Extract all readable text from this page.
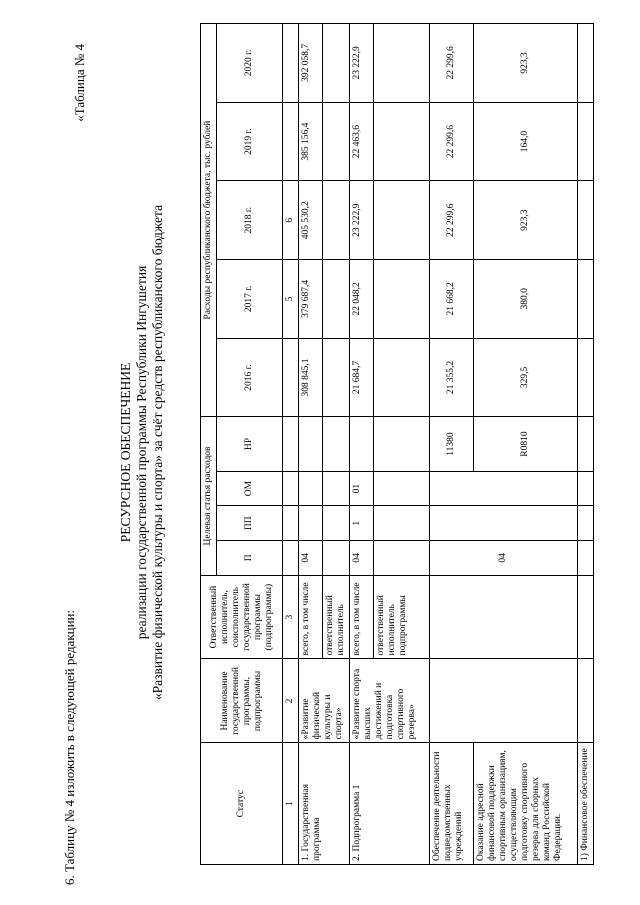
6. Таблицу № 4 изложить в следующей редакции:
«Таблица № 4
РЕСУРСНОЕ ОБЕСПЕЧЕНИЕ реализации государственной программы Республики Ингушетия «Развитие физической культуры и спорта» за счёт средств республиканского бюджета
Статус	Наименование государственной программы, подпрограммы	Ответственный исполнитель, соисполнитель государственной программы (подпрограммы)	Целевая статья расходов				Расходы республиканского бюджета, тыс. рублей				
			П	ПП	ОМ	НР	2016 г.	2017 г.	2018 г.	2019 г.	2020 г.
1	2	3						5	6		
1. Государственная программа	«Развитие физической культуры и спорта»	всего, в том числе	04				308 845,1	379 687,4	405 530,2	385 156,4	392 058,7
		ответственный исполнитель									
2. Подпрограмма 1	«Развитие спорта высших достижений и подготовка спортивного резерва»	всего, в том числе	04	1	01		21 684,7	22 048,2	23 222,9	22 463,6	23 222,9
		ответственный исполнитель подпрограммы									
Обеспечение деятельности подведомственных учреждений			04			11380	21 355,2	21 668,2	22 299,6	22 299,6	22 299,6
Оказание адресной финансовой поддержки спортивным организациям, осуществляющим подготовку спортивного резерва для сборных команд Российской Федерации.						R0810	329,5	380,0	923,3	164,0	923,3
1) Финансовое обеспечение											
